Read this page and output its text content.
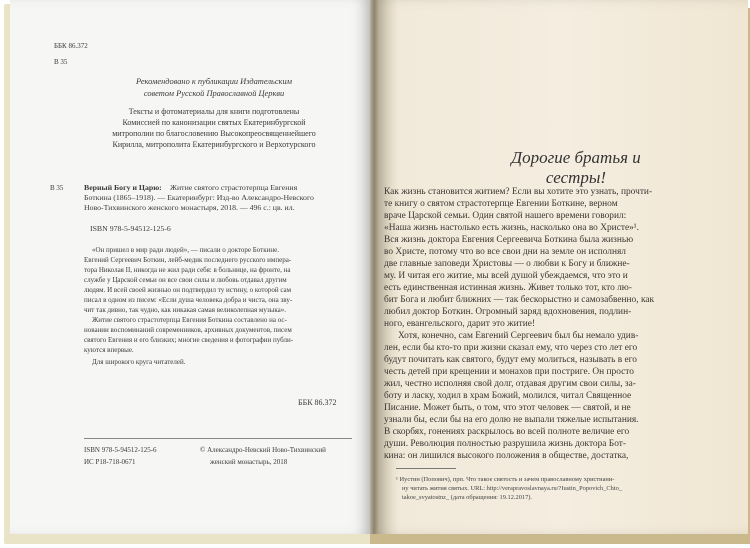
ББК 86.372
В 35
Рекомендовано к публикации Издательским
советом Русской Православной Церкви
Тексты и фотоматериалы для книги подготовлены
Комиссией по канонизации святых Екатеринбургской
митрополии по благословению Высокопреосвященнейшего
Кирилла, митрополита Екатеринбургского и Верхотурского
В 35	Верный Богу и Царю: Житие святого страстотерпца Евгения
Боткина (1865–1918). — Екатеринбург: Изд-во Александро-Невского
Ново-Тихвинского женского монастыря, 2018. — 496 с.: цв. ил.
ISBN 978-5-94512-125-6
«Он пришел в мир ради людей», — писали о докторе Боткине.
Евгений Сергеевич Боткин, лейб-медик последнего русского импера-
тора Николая II, никогда не жил ради себя: в больнице, на фронте, на
службе у Царской семьи он все свои силы и любовь отдавал другим
людям. И всей своей жизнью он подтвердил ту истину, о которой сам
писал в одном из писем: «Если душа человека добра и чиста, она зву-
чит так дивно, так чудно, как никакая самая великолепная музыка».
Житие святого страстотерпца Евгения Боткина составлено на ос-
новании воспоминаний современников, архивных документов, писем
святого Евгения и его близких; многие сведения и фотографии публи-
куются впервые.
Для широкого круга читателей.
ББК 86.372
ISBN 978-5-94512-125-6
ИС Р18-718-0671
© Александро-Невский Ново-Тихвинский
женский монастырь, 2018
Дорогие братья и сестры!
Как жизнь становится житием? Если вы хотите это узнать, прочти-
те книгу о святом страстотерпце Евгении Боткине, верном
враче Царской семьи. Один святой нашего времени говорил:
«Наша жизнь настолько есть жизнь, насколько она во Христе»¹.
Вся жизнь доктора Евгения Сергеевича Боткина была жизнью
во Христе, потому что во все свои дни на земле он исполнял
две главные заповеди Христовы — о любви к Богу и ближне-
му. И читая его житие, мы всей душой убеждаемся, что это и
есть единственная истинная жизнь. Живет только тот, кто лю-
бит Бога и любит ближних — так бескорыстно и самозабвенно, как
любил доктор Боткин. Огромный заряд вдохновения, подлин-
ного, евангельского, дарит это житие!
Хотя, конечно, сам Евгений Сергеевич был бы немало удив-
лен, если бы кто-то при жизни сказал ему, что через сто лет его
будут почитать как святого, будут ему молиться, называть в его
честь детей при крещении и монахов при постриге. Он просто
жил, честно исполняя свой долг, отдавая другим свои силы, за-
боту и ласку, ходил в храм Божий, молился, читал Священное
Писание. Может быть, о том, что этот человек — святой, и не
узнали бы, если бы на его долю не выпали тяжелые испытания.
В скорбях, гонениях раскрылось во всей полноте величие его
души. Революция полностью разрушила жизнь доктора Бот-
кина: он лишился высокого положения в обществе, достатка,
¹ Иустин (Попович), прп. Что такое святость и зачем православному христиани-
ну читать жития святых. URL: http://verapravoslavnaya.ru/?Iustin_Popovich_Chto_
takoe_svyatostnz_ (дата обращения: 19.12.2017).
